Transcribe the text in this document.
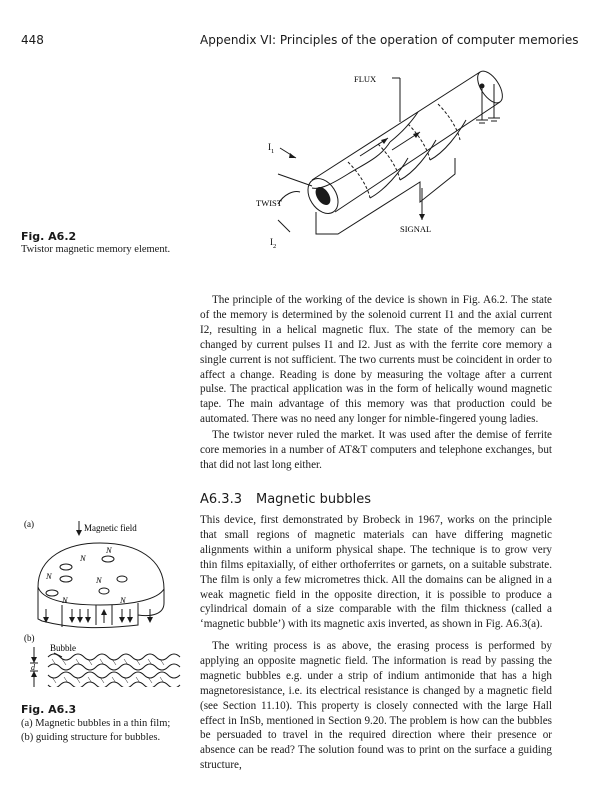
448	Appendix VI: Principles of the operation of computer memories
FLUX
$I_1$
TWIST
$I_2$
SIGNAL
Fig. A6.2
Twistor magnetic memory element.

The principle of the working of the device is shown in Fig. A6.2. The state of the memory is determined by the solenoid current I1 and the axial current I2, resulting in a helical magnetic flux. The state of the memory can be changed by current pulses I1 and I2. Just as with the ferrite core memory a single current is not sufficient. The two currents must be coincident in order to affect a change. Reading is done by measuring the voltage after a current pulse. The practical application was in the form of helically wound magnetic tape. The main advantage of this memory was that production could be automated. There was no need any longer for nimble-fingered young ladies.

The twistor never ruled the market. It was used after the demise of ferrite core memories in a number of AT&T computers and telephone exchanges, but that did not last long either.

A6.3.3 Magnetic bubbles

This device, first demonstrated by Brobeck in 1967, works on the principle that small regions of magnetic materials can have differing magnetic alignments within a uniform physical shape. The technique is to grow very thin films epitaxially, of either orthoferrites or garnets, on a suitable substrate. The film is only a few micrometres thick. All the domains can be aligned in a weak magnetic field in the opposite direction, it is possible to produce a cylindrical domain of a size comparable with the film thickness (called a ‘magnetic bubble’) with its magnetic axis inverted, as shown in Fig. A6.3(a).

The writing process is as above, the erasing process is performed by applying an opposite magnetic field. The information is read by passing the magnetic bubbles e.g. under a strip of indium antimonide that has a high magnetoresistance, i.e. its electrical resistance is changed by a magnetic field (see Section 11.10). This property is closely connected with the large Hall effect in InSb, mentioned in Section 9.20. The problem is how can the bubbles be persuaded to travel in the required direction where their presence or absence can be read? The solution found was to print on the surface a guiding structure,

(a)	Magnetic field
N
N
N	N
N	N
(b)
Bubble
d
Fig. A6.3
(a) Magnetic bubbles in a thin film;
(b) guiding structure for bubbles.
